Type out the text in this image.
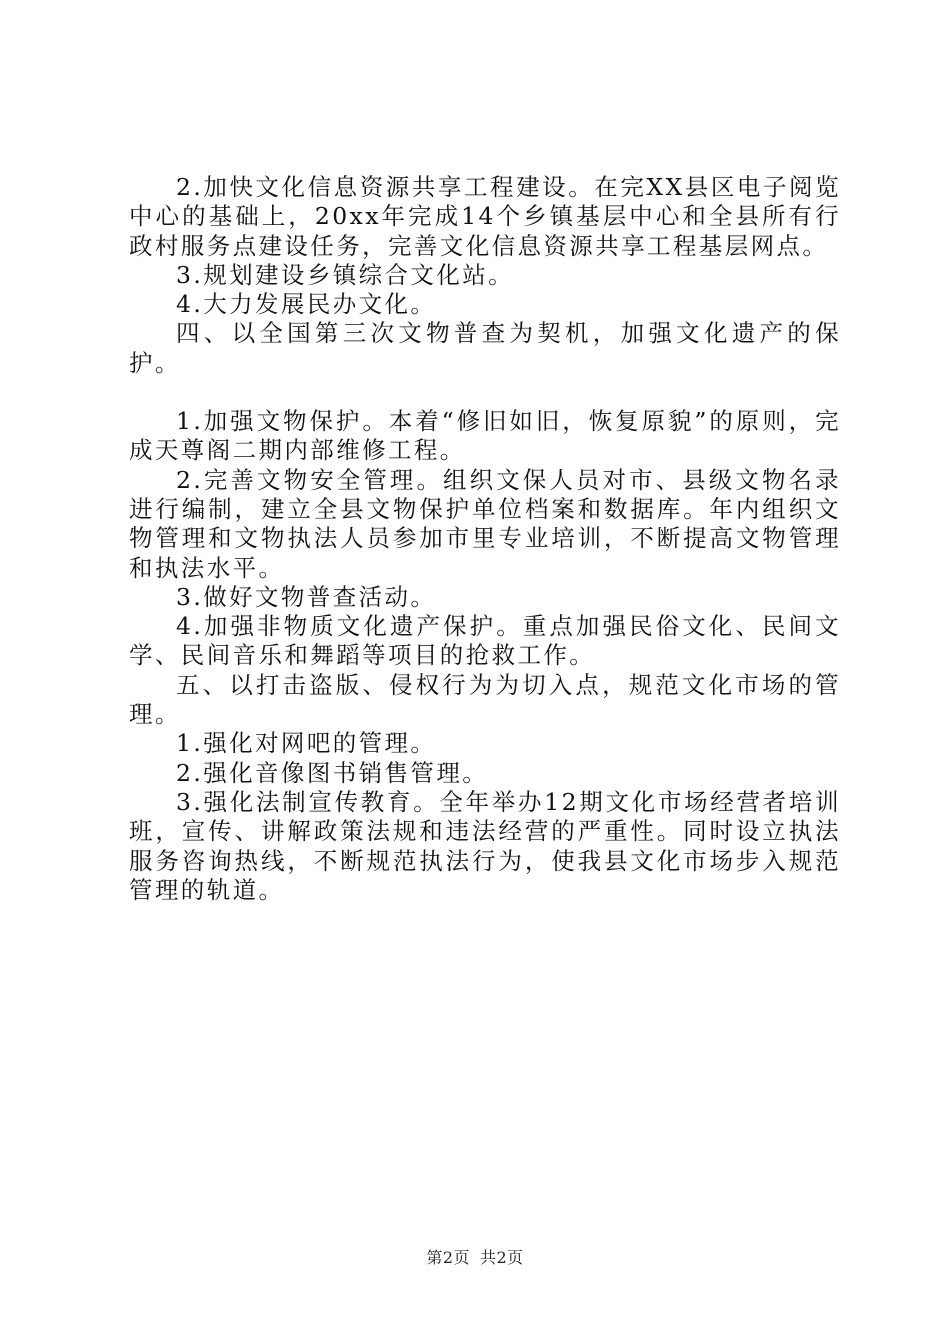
2.加快文化信息资源共享工程建设。在完XX县区电子阅览中心的基础上，20xx年完成14个乡镇基层中心和全县所有行政村服务点建设任务，完善文化信息资源共享工程基层网点。

3.规划建设乡镇综合文化站。

4.大力发展民办文化。

四、以全国第三次文物普查为契机，加强文化遗产的保护。

1.加强文物保护。本着“修旧如旧，恢复原貌”的原则，完成天尊阁二期内部维修工程。

2.完善文物安全管理。组织文保人员对市、县级文物名录进行编制，建立全县文物保护单位档案和数据库。年内组织文物管理和文物执法人员参加市里专业培训，不断提高文物管理和执法水平。

3.做好文物普查活动。

4.加强非物质文化遗产保护。重点加强民俗文化、民间文学、民间音乐和舞蹈等项目的抢救工作。

五、以打击盗版、侵权行为为切入点，规范文化市场的管理。

1.强化对网吧的管理。

2.强化音像图书销售管理。

3.强化法制宣传教育。全年举办12期文化市场经营者培训班，宣传、讲解政策法规和违法经营的严重性。同时设立执法服务咨询热线，不断规范执法行为，使我县文化市场步入规范管理的轨道。

第2页 共2页
